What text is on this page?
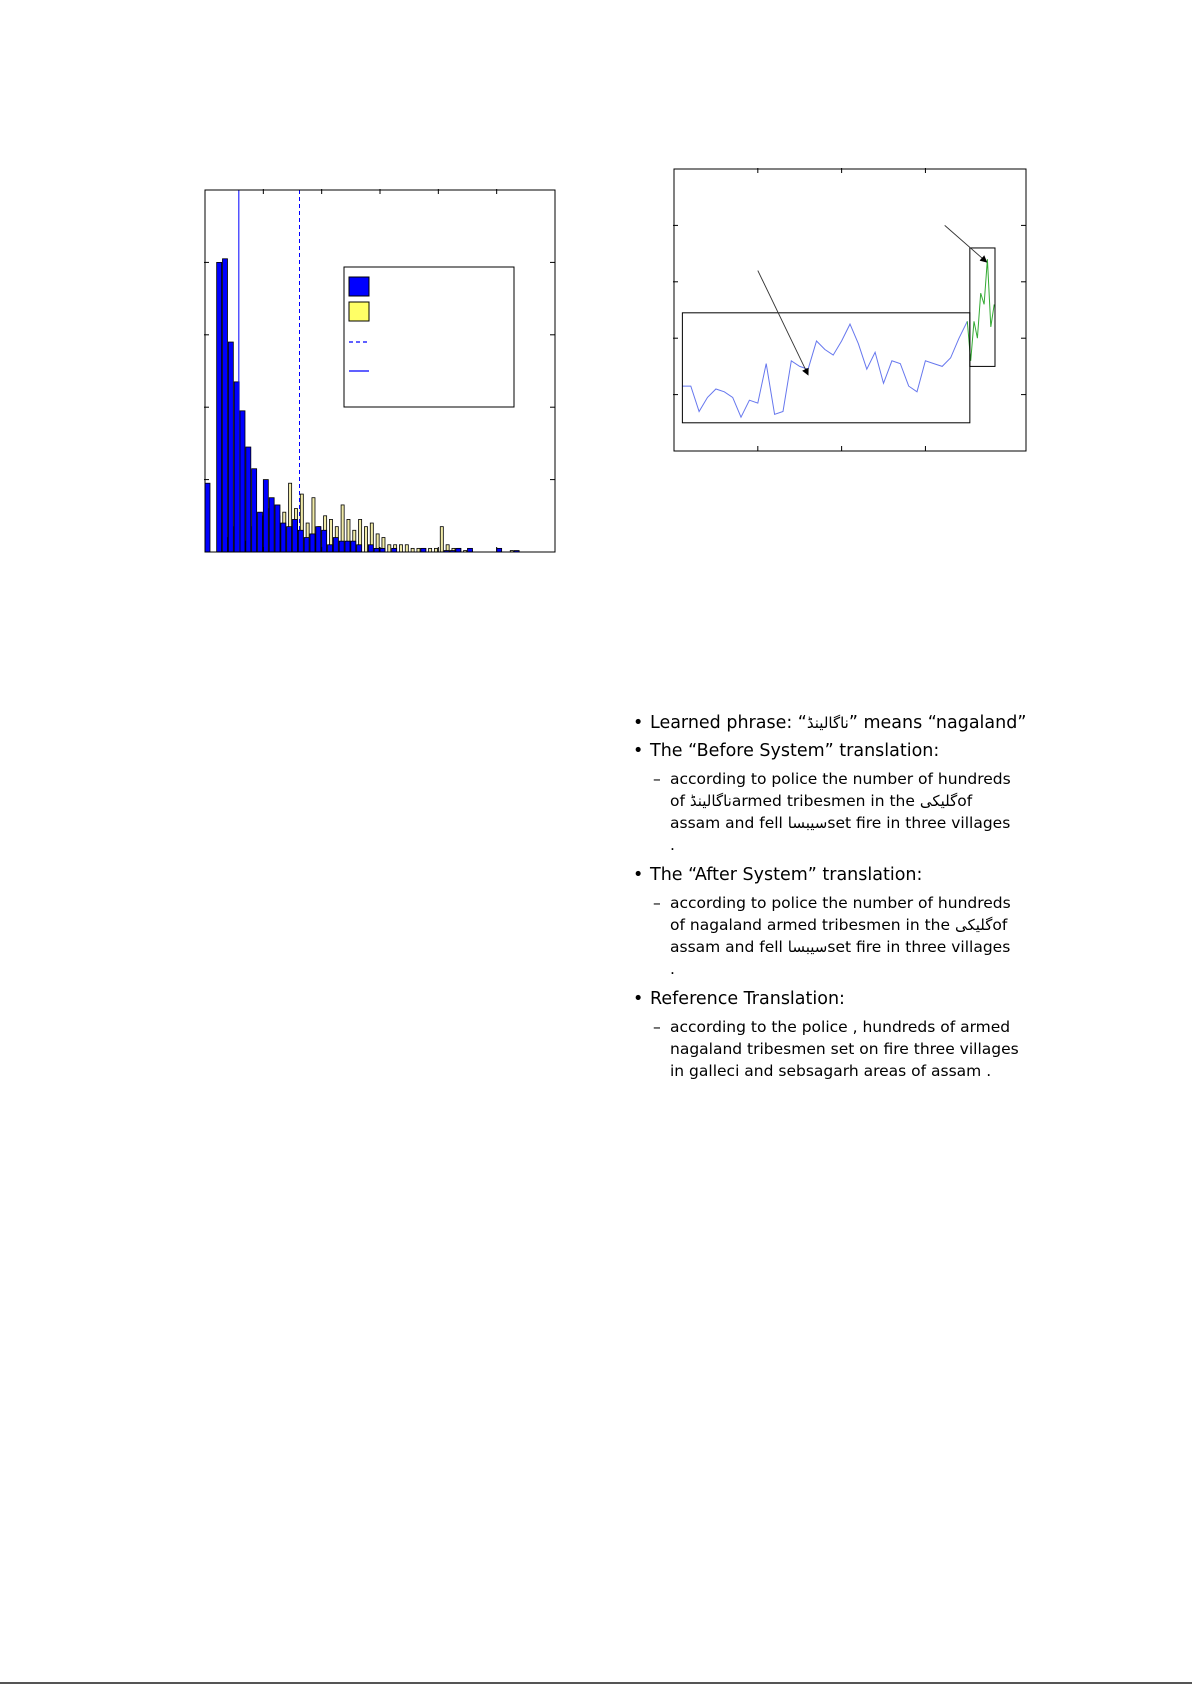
• Learned phrase: “ناگالینڈ” means “nagaland”
• The “Before System” translation:
– according to police the number of hundreds of ناگالینڈarmed tribesmen in the گلیکیof assam and fell سیبساset fire in three villages .
• The “After System” translation:
– according to police the number of hundreds of nagaland armed tribesmen in the گلیکیof assam and fell سیبساset fire in three villages .
• Reference Translation:
– according to the police , hundreds of armed nagaland tribesmen set on fire three villages in galleci and sebsagarh areas of assam .
